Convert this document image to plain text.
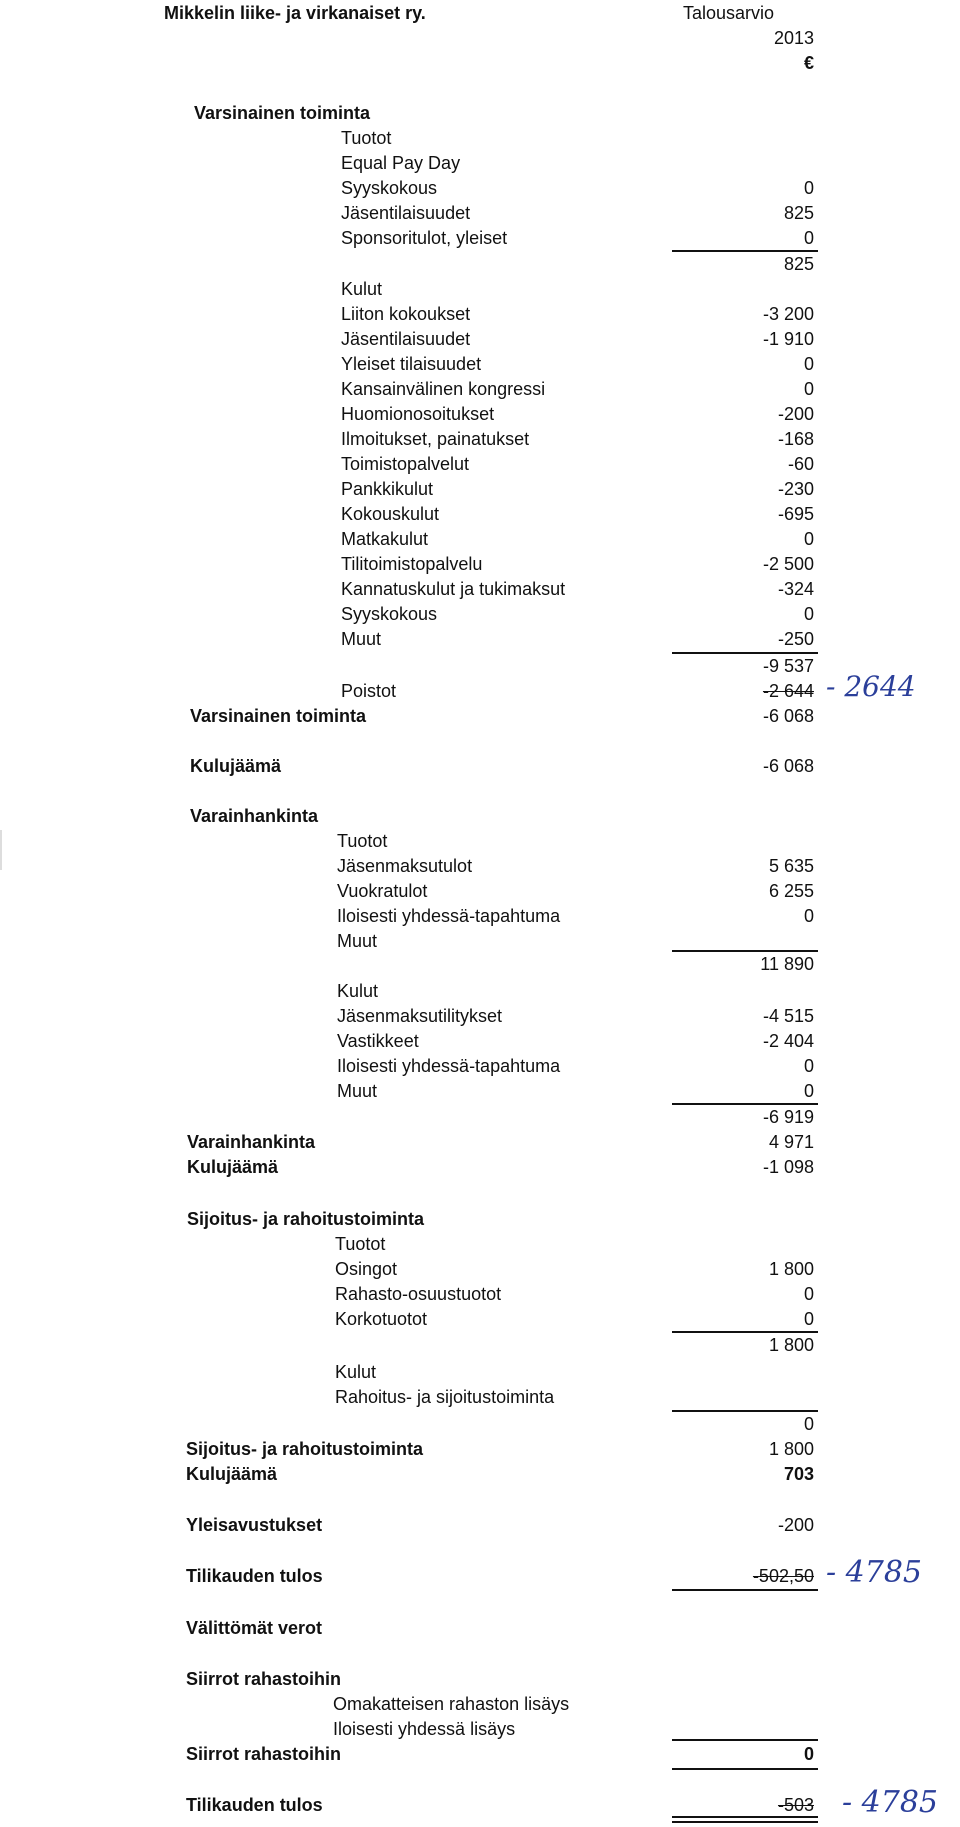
Mikkelin liike- ja virkanaiset ry.	Talousarvio
2013
€
Varsinainen toiminta
Tuotot
Equal Pay Day
Syyskokous	0
Jäsentilaisuudet	825
Sponsoritulot, yleiset	0
825
Kulut
Liiton kokoukset	-3 200
Jäsentilaisuudet	-1 910
Yleiset tilaisuudet	0
Kansainvälinen kongressi	0
Huomionosoitukset	-200
Ilmoitukset, painatukset	-168
Toimistopalvelut	-60
Pankkikulut	-230
Kokouskulut	-695
Matkakulut	0
Tilitoimistopalvelu	-2 500
Kannatuskulut ja tukimaksut	-324
Syyskokous	0
Muut	-250
-9 537
Poistot	-2 644 - 2644
Varsinainen toiminta	-6 068
Kulujäämä	-6 068
Varainhankinta
Tuotot
Jäsenmaksutulot	5 635
Vuokratulot	6 255
Iloisesti yhdessä-tapahtuma	0
Muut
11 890
Kulut
Jäsenmaksutilitykset	-4 515
Vastikkeet	-2 404
Iloisesti yhdessä-tapahtuma	0
Muut	0
-6 919
Varainhankinta	4 971
Kulujäämä	-1 098
Sijoitus- ja rahoitustoiminta
Tuotot
Osingot	1 800
Rahasto-osuustuotot	0
Korkotuotot	0
1 800
Kulut
Rahoitus- ja sijoitustoiminta
0
Sijoitus- ja rahoitustoiminta	1 800
Kulujäämä	703
Yleisavustukset	-200
Tilikauden tulos	-502,50 - 4785
Välittömät verot
Siirrot rahastoihin
Omakatteisen rahaston lisäys
Iloisesti yhdessä lisäys
Siirrot rahastoihin	0
Tilikauden tulos	-503 - 4785
